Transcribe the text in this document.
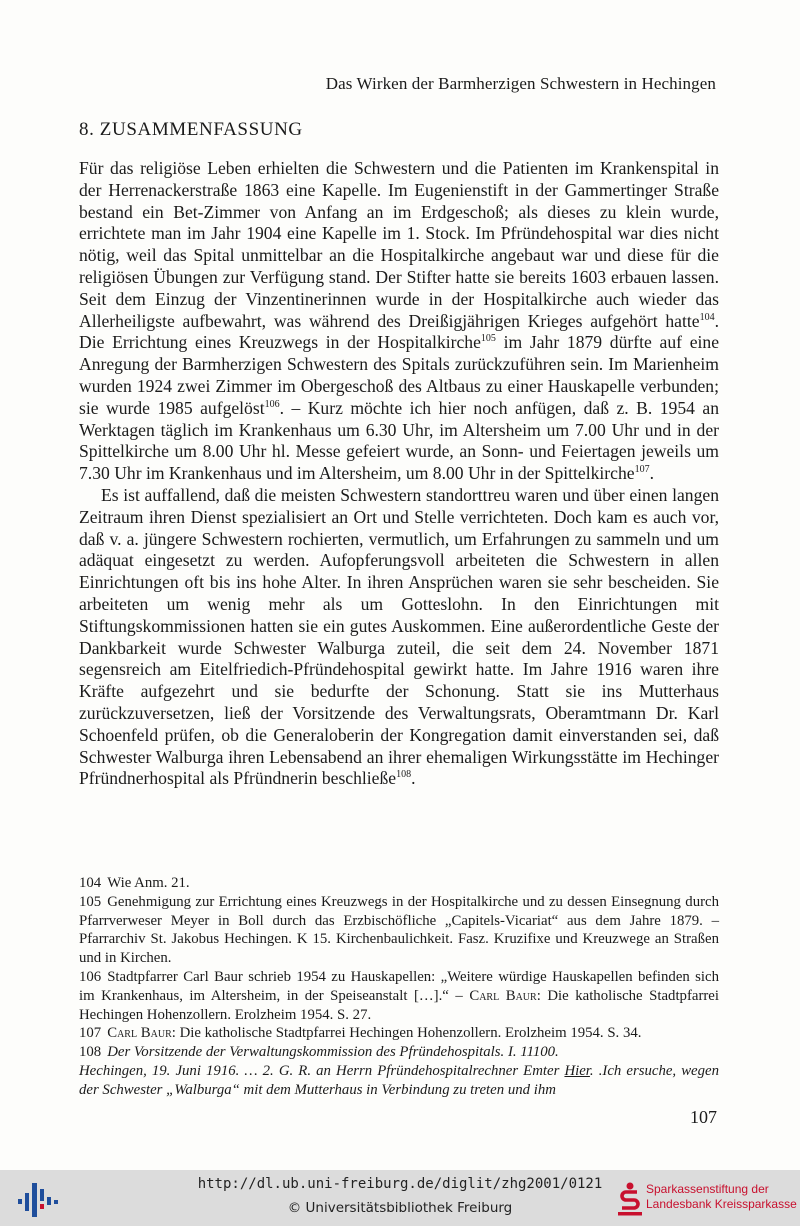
Das Wirken der Barmherzigen Schwestern in Hechingen
8. ZUSAMMENFASSUNG

Für das religiöse Leben erhielten die Schwestern und die Patienten im Krankenspital in der Herrenackerstraße 1863 eine Kapelle. Im Eugenienstift in der Gammertinger Straße bestand ein Bet-Zimmer von Anfang an im Erdgeschoß; als dieses zu klein wurde, errichtete man im Jahr 1904 eine Kapelle im 1. Stock. Im Pfründehospital war dies nicht nötig, weil das Spital unmittelbar an die Hospitalkirche angebaut war und diese für die religiösen Übungen zur Verfügung stand. Der Stifter hatte sie bereits 1603 erbauen lassen. Seit dem Einzug der Vinzentinerinnen wurde in der Hospitalkirche auch wieder das Allerheiligste aufbewahrt, was während des Dreißigjährigen Krieges aufgehört hatte$^{104}$. Die Errichtung eines Kreuzwegs in der Hospitalkirche$^{105}$ im Jahr 1879 dürfte auf eine Anregung der Barmherzigen Schwestern des Spitals zurückzuführen sein. Im Marienheim wurden 1924 zwei Zimmer im Obergeschoß des Altbaus zu einer Hauskapelle verbunden; sie wurde 1985 aufgelöst$^{106}$. – Kurz möchte ich hier noch anfügen, daß z. B. 1954 an Werktagen täglich im Krankenhaus um 6.30 Uhr, im Altersheim um 7.00 Uhr und in der Spittelkirche um 8.00 Uhr hl. Messe gefeiert wurde, an Sonn- und Feiertagen jeweils um 7.30 Uhr im Krankenhaus und im Altersheim, um 8.00 Uhr in der Spittelkirche$^{107}$.

Es ist auffallend, daß die meisten Schwestern standorttreu waren und über einen langen Zeitraum ihren Dienst spezialisiert an Ort und Stelle verrichteten. Doch kam es auch vor, daß v. a. jüngere Schwestern rochierten, vermutlich, um Erfahrungen zu sammeln und um adäquat eingesetzt zu werden. Aufopferungsvoll arbeiteten die Schwestern in allen Einrichtungen oft bis ins hohe Alter. In ihren Ansprüchen waren sie sehr bescheiden. Sie arbeiteten um wenig mehr als um Gotteslohn. In den Einrichtungen mit Stiftungskommissionen hatten sie ein gutes Auskommen. Eine außerordentliche Geste der Dankbarkeit wurde Schwester Walburga zuteil, die seit dem 24. November 1871 segensreich am Eitelfriedich-Pfründehospital gewirkt hatte. Im Jahre 1916 waren ihre Kräfte aufgezehrt und sie bedurfte der Schonung. Statt sie ins Mutterhaus zurückzuversetzen, ließ der Vorsitzende des Verwaltungsrats, Oberamtmann Dr. Karl Schoenfeld prüfen, ob die Generaloberin der Kongregation damit einverstanden sei, daß Schwester Walburga ihren Lebensabend an ihrer ehemaligen Wirkungsstätte im Hechinger Pfründnerhospital als Pfründnerin beschließe$^{108}$.

104 Wie Anm. 21.

105 Genehmigung zur Errichtung eines Kreuzwegs in der Hospitalkirche und zu dessen Einsegnung durch Pfarrverweser Meyer in Boll durch das Erzbischöfliche „Capitels-Vicariat“ aus dem Jahre 1879. – Pfarrarchiv St. Jakobus Hechingen. K 15. Kirchenbaulichkeit. Fasz. Kruzifixe und Kreuzwege an Straßen und in Kirchen.

106 Stadtpfarrer Carl Baur schrieb 1954 zu Hauskapellen: „Weitere würdige Hauskapellen befinden sich im Krankenhaus, im Altersheim, in der Speiseanstalt […].“ – Carl Baur: Die katholische Stadtpfarrei Hechingen Hohenzollern. Erolzheim 1954. S. 27.

107 Carl Baur: Die katholische Stadtpfarrei Hechingen Hohenzollern. Erolzheim 1954. S. 34.

108 Der Vorsitzende der Verwaltungskommission des Pfründehospitals. I. 11100.
Hechingen, 19. Juni 1916. … 2. G. R. an Herrn Pfründehospitalrechner Emter Hier. .Ich ersuche, wegen der Schwester „Walburga“ mit dem Mutterhaus in Verbindung zu treten und ihm

107
http://dl.ub.uni-freiburg.de/diglit/zhg2001/0121
© Universitätsbibliothek Freiburg
Sparkassenstiftung der
Landesbank Kreissparkasse
